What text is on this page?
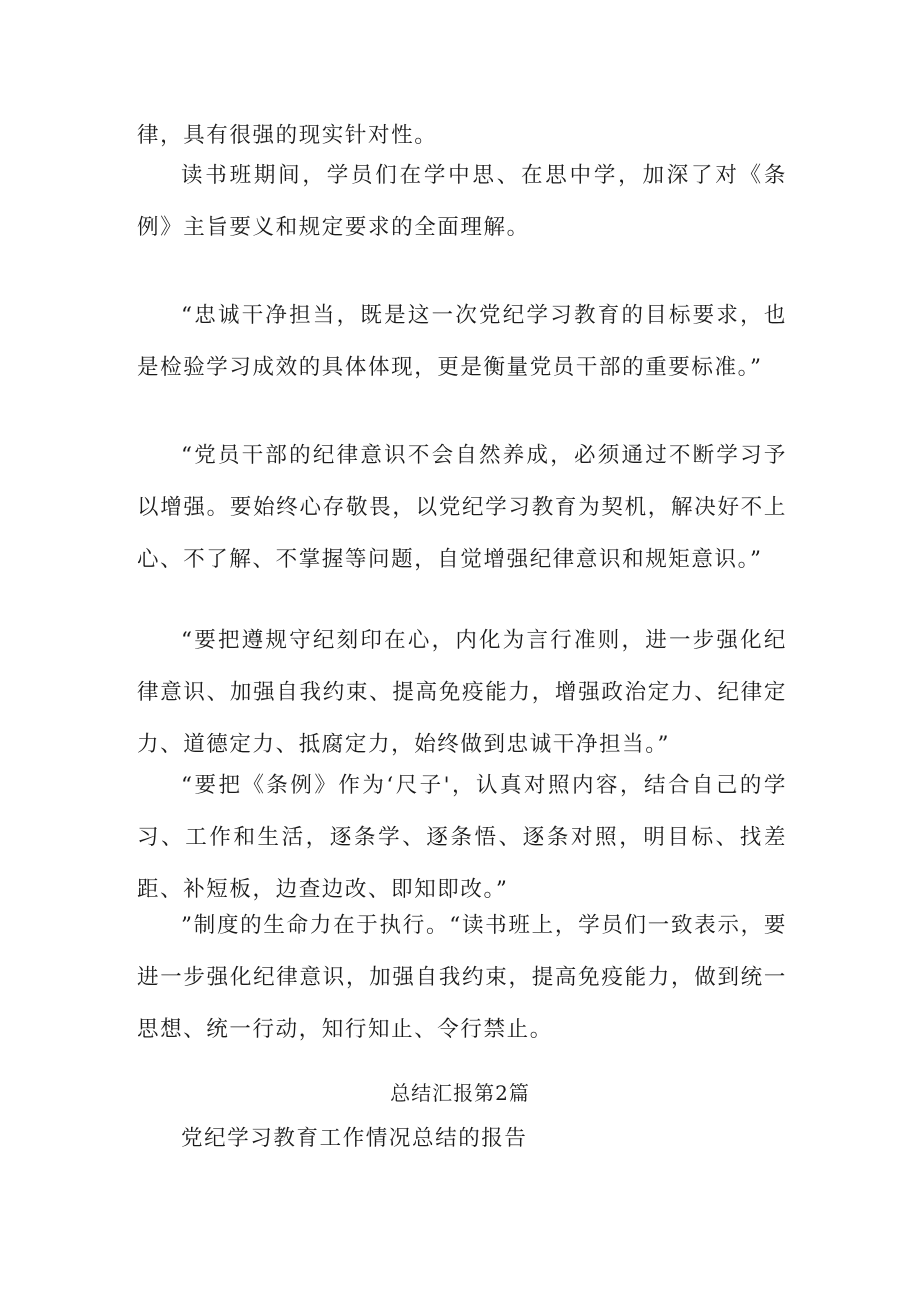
律，具有很强的现实针对性。

读书班期间，学员们在学中思、在思中学，加深了对《条例》主旨要义和规定要求的全面理解。

“忠诚干净担当，既是这一次党纪学习教育的目标要求，也是检验学习成效的具体体现，更是衡量党员干部的重要标准。”

“党员干部的纪律意识不会自然养成，必须通过不断学习予以增强。要始终心存敬畏，以党纪学习教育为契机，解决好不上心、不了解、不掌握等问题，自觉增强纪律意识和规矩意识。”

“要把遵规守纪刻印在心，内化为言行准则，进一步强化纪律意识、加强自我约束、提高免疫能力，增强政治定力、纪律定力、道德定力、抵腐定力，始终做到忠诚干净担当。”

“要把《条例》作为‘尺子'，认真对照内容，结合自己的学习、工作和生活，逐条学、逐条悟、逐条对照，明目标、找差距、补短板，边查边改、即知即改。”

”制度的生命力在于执行。“读书班上，学员们一致表示，要进一步强化纪律意识，加强自我约束，提高免疫能力，做到统一思想、统一行动，知行知止、令行禁止。

总结汇报第2篇

党纪学习教育工作情况总结的报告
